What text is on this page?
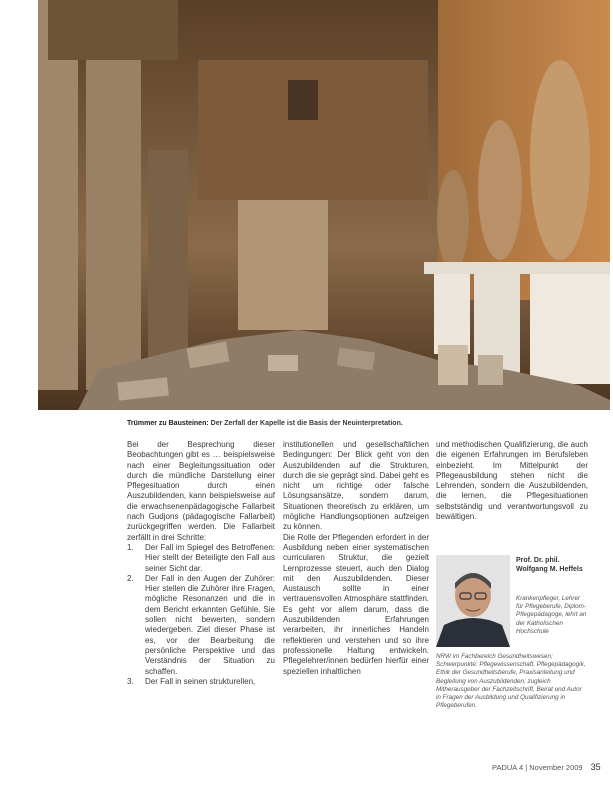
Trümmer zu Bausteinen: Der Zerfall der Kapelle ist die Basis der Neuinterpretation.

Bei der Besprechung dieser Beobachtungen gibt es … beispielsweise nach einer Begleitungssituation oder durch die mündliche Darstellung einer Pflegesituation durch einen Auszubildenden, kann beispielsweise auf die erwachsenenpädagogische Fallarbeit nach Gudjons (pädagogische Fallarbeit) zurückgegriffen werden. Die Fallarbeit zerfällt in drei Schritte:

1. Der Fall im Spiegel des Betroffenen: Hier stellt der Beteiligte den Fall aus seiner Sicht dar.
2. Der Fall in den Augen der Zuhörer: Hier stellen die Zuhörer ihre Fragen, mögliche Resonanzen und die in dem Bericht erkannten Gefühle. Sie sollen nicht bewerten, sondern wiedergeben. Ziel dieser Phase ist es, vor der Bearbeitung die persönliche Perspektive und das Verständnis der Situation zu schaffen.
3. Der Fall in seinen strukturellen,

institutionellen und gesellschaftlichen Bedingungen: Der Blick geht von den Auszubildenden auf die Strukturen, durch die sie geprägt sind. Dabei geht es nicht um richtige oder falsche Lösungsansätze, sondern darum, Situationen theoretisch zu erklären, um mögliche Handlungsoptionen aufzeigen zu können.

Die Rolle der Pflegenden erfordert in der Ausbildung neben einer systematischen curricularen Struktur, die gezielt Lernprozesse steuert, auch den Dialog mit den Auszubildenden. Dieser Austausch sollte in einer vertrauensvollen Atmosphäre stattfinden. Es geht vor allem darum, dass die Auszubildenden Erfahrungen verarbeiten, ihr innerliches Handeln reflektieren und verstehen und so ihre professionelle Haltung entwickeln. Pflegelehrer/innen bedürfen hierfür einer speziellen inhaltlichen

und methodischen Qualifizierung, die auch die eigenen Erfahrungen im Berufsleben einbezieht. Im Mittelpunkt der Pflegeausbildung stehen nicht die Lehrenden, sondern die Auszubildenden, die lernen, die Pflegesituationen selbstständig und verantwortungsvoll zu bewältigen.

Prof. Dr. phil. Wolfgang M. Heffels
Krankenpfleger, Lehrer für Pflegeberufe, Diplom-Pflegepädagoge, lehrt an der Katholischen Hochschule
NRW im Fachbereich Gesundheitswesen; Schwerpunkte: Pflegewissenschaft, Pflegepädagogik, Ethik der Gesundheitsberufe, Praxisanleitung und Begleitung von Auszubildenden; zugleich Mitherausgeber der Fachzeitschrift, Beirat und Autor in Fragen der Ausbildung und Qualifizierung in Pflegeberufen.
PADUA 4 | November 2009 35
